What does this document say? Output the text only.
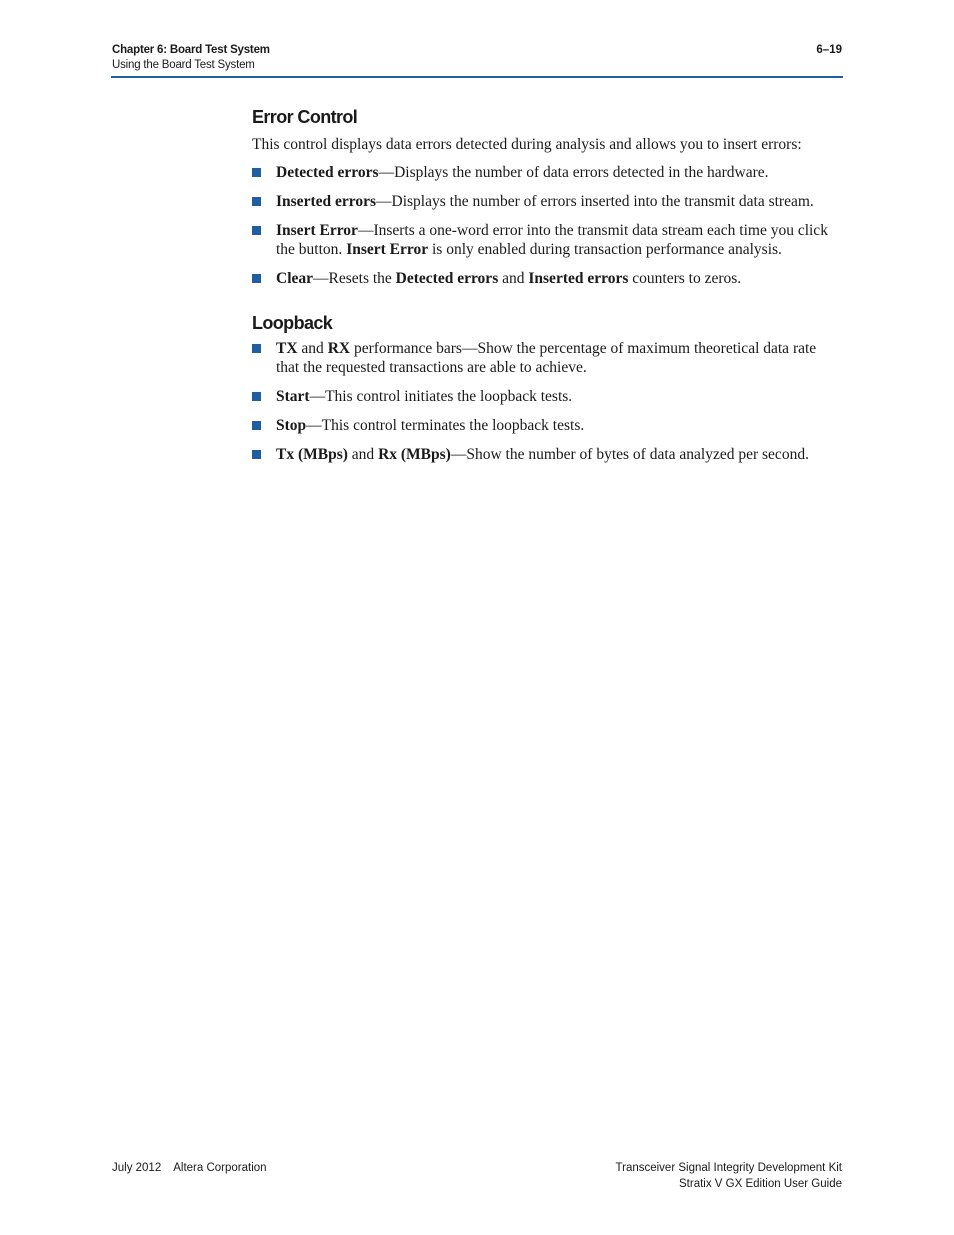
Chapter 6: Board Test System
Using the Board Test System
6–19
Error Control

This control displays data errors detected during analysis and allows you to insert errors:

Detected errors—Displays the number of data errors detected in the hardware.
Inserted errors—Displays the number of errors inserted into the transmit data stream.
Insert Error—Inserts a one-word error into the transmit data stream each time you click the button. Insert Error is only enabled during transaction performance analysis.
Clear—Resets the Detected errors and Inserted errors counters to zeros.
Loopback
TX and RX performance bars—Show the percentage of maximum theoretical data rate that the requested transactions are able to achieve.
Start—This control initiates the loopback tests.
Stop—This control terminates the loopback tests.
Tx (MBps) and Rx (MBps)—Show the number of bytes of data analyzed per second.
July 2012 Altera Corporation	Transceiver Signal Integrity Development Kit
Stratix V GX Edition User Guide
